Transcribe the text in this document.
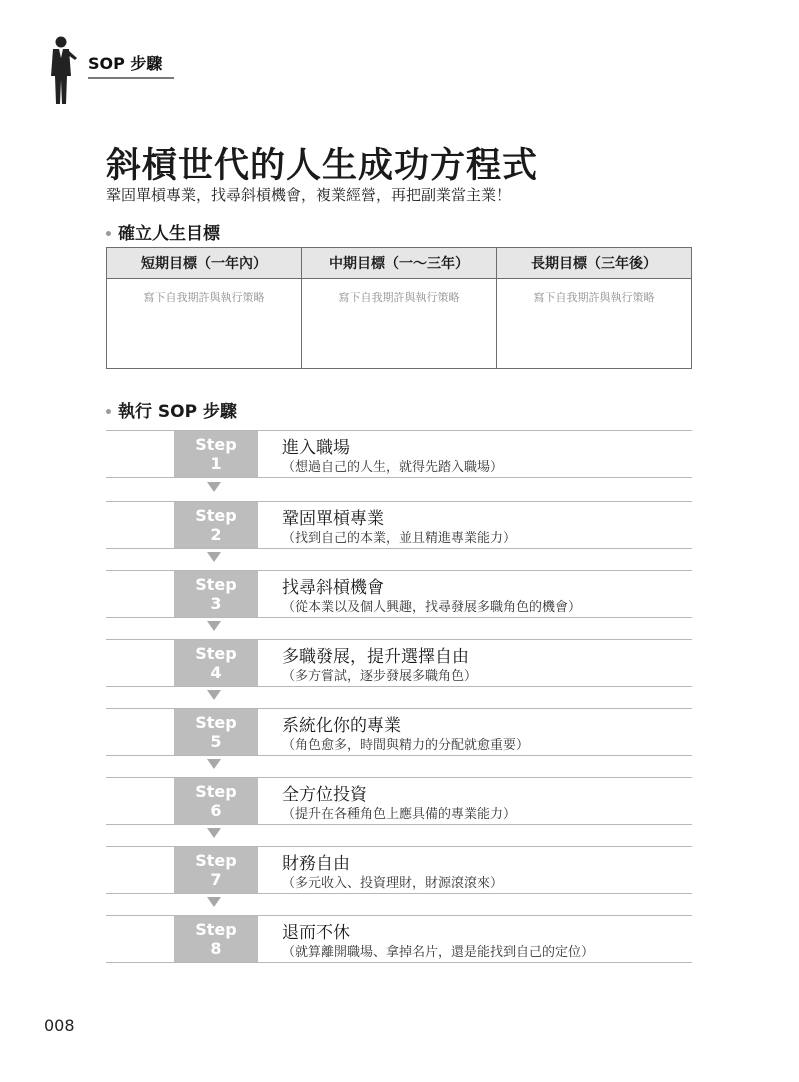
SOP 步驟
斜槓世代的人生成功方程式
鞏固單槓專業，找尋斜槓機會，複業經營，再把副業當主業！
• 確立人生目標
短期目標（一年內）	中期目標（一～三年）	長期目標（三年後）
寫下自我期許與執行策略	寫下自我期許與執行策略	寫下自我期許與執行策略
• 執行 SOP 步驟
Step
1
進入職場
（想過自己的人生，就得先踏入職場）
Step
2
鞏固單槓專業
（找到自己的本業，並且精進專業能力）
Step
3
找尋斜槓機會
（從本業以及個人興趣，找尋發展多職角色的機會）
Step
4
多職發展，提升選擇自由
（多方嘗試，逐步發展多職角色）
Step
5
系統化你的專業
（角色愈多，時間與精力的分配就愈重要）
Step
6
全方位投資
（提升在各種角色上應具備的專業能力）
Step
7
財務自由
（多元收入、投資理財，財源滾滾來）
Step
8
退而不休
（就算離開職場、拿掉名片，還是能找到自己的定位）
008
